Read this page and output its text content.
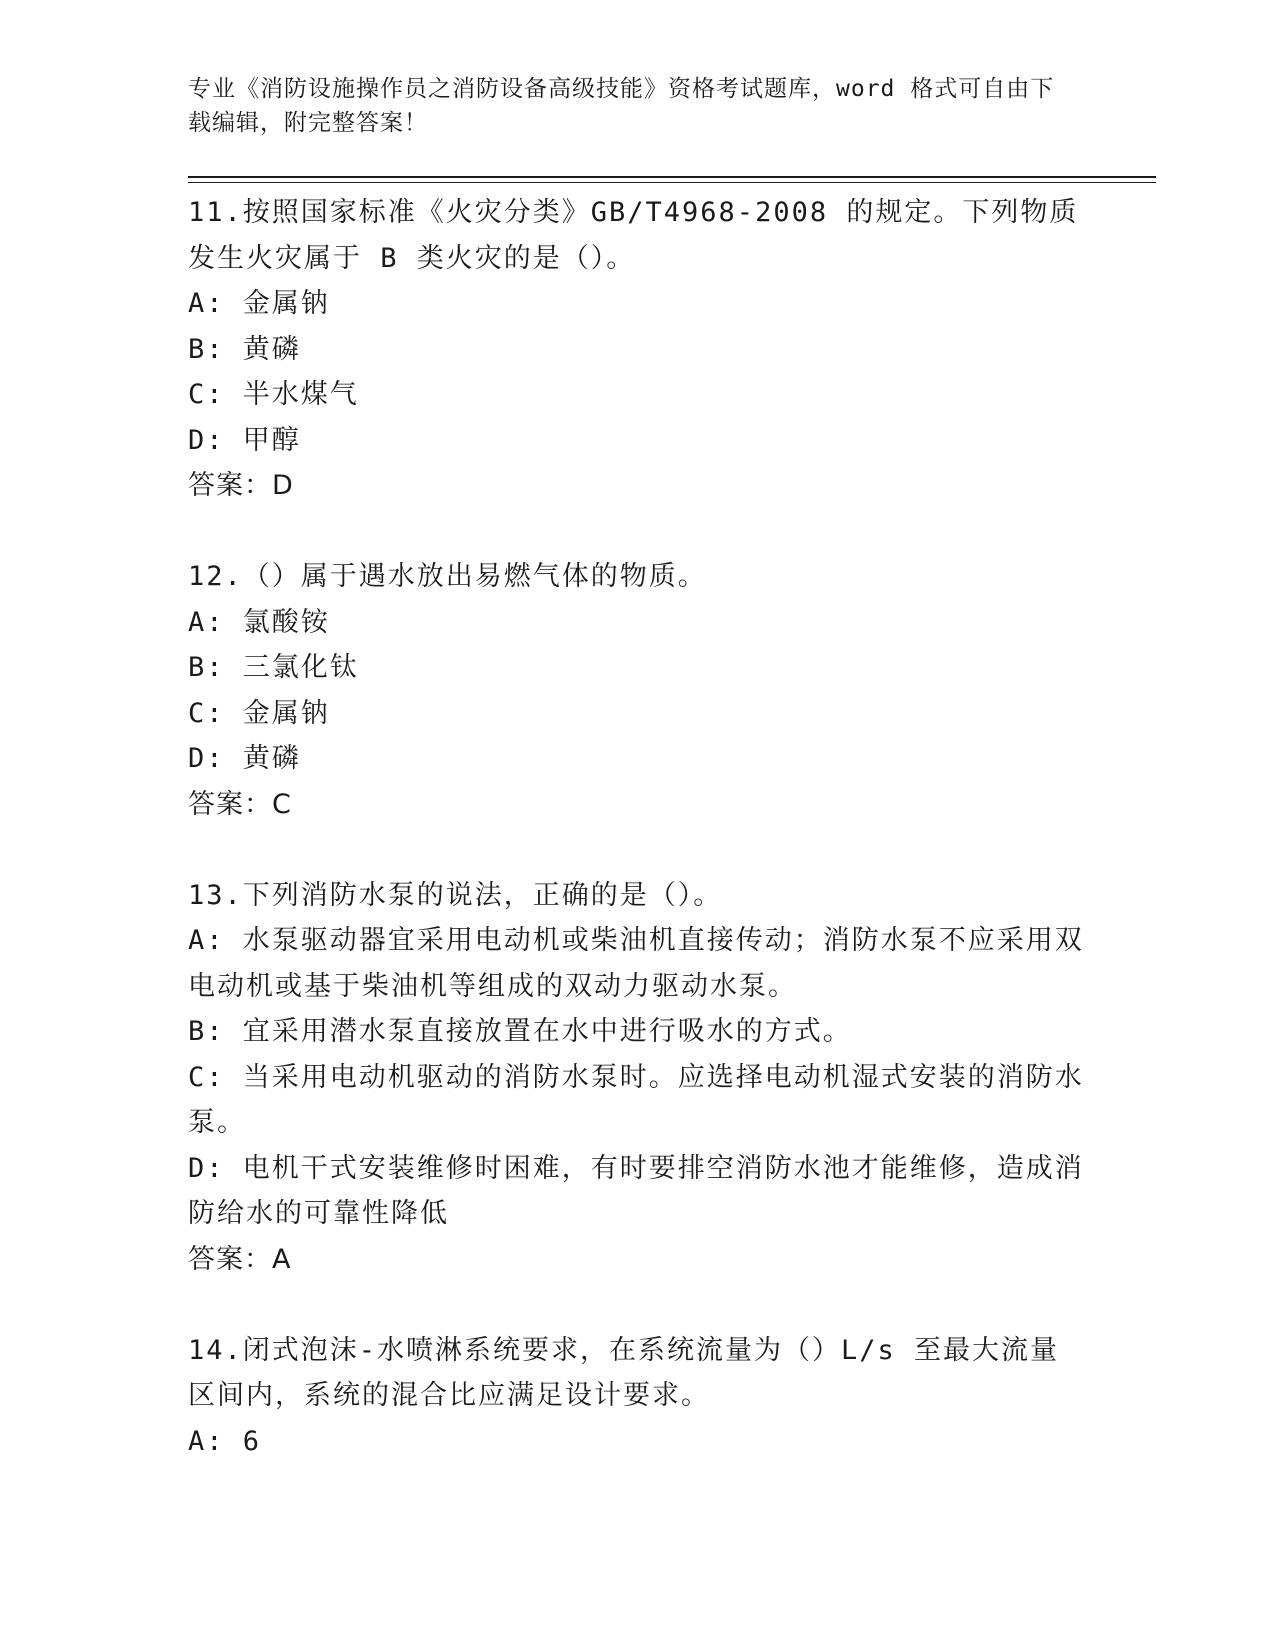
专业《消防设施操作员之消防设备高级技能》资格考试题库，word 格式可自由下载编辑，附完整答案！
11.按照国家标准《火灾分类》GB/T4968-2008 的规定。下列物质发生火灾属于 B 类火灾的是（）。
A: 金属钠
B: 黄磷
C: 半水煤气
D: 甲醇
答案：D
12.（）属于遇水放出易燃气体的物质。
A: 氯酸铵
B: 三氯化钛
C: 金属钠
D: 黄磷
答案：C
13.下列消防水泵的说法，正确的是（）。
A: 水泵驱动器宜采用电动机或柴油机直接传动；消防水泵不应采用双电动机或基于柴油机等组成的双动力驱动水泵。
B: 宜采用潜水泵直接放置在水中进行吸水的方式。
C: 当采用电动机驱动的消防水泵时。应选择电动机湿式安装的消防水泵。
D: 电机干式安装维修时困难，有时要排空消防水池才能维修，造成消防给水的可靠性降低
答案：A
14.闭式泡沫-水喷淋系统要求，在系统流量为（）L/s 至最大流量区间内，系统的混合比应满足设计要求。
A: 6
